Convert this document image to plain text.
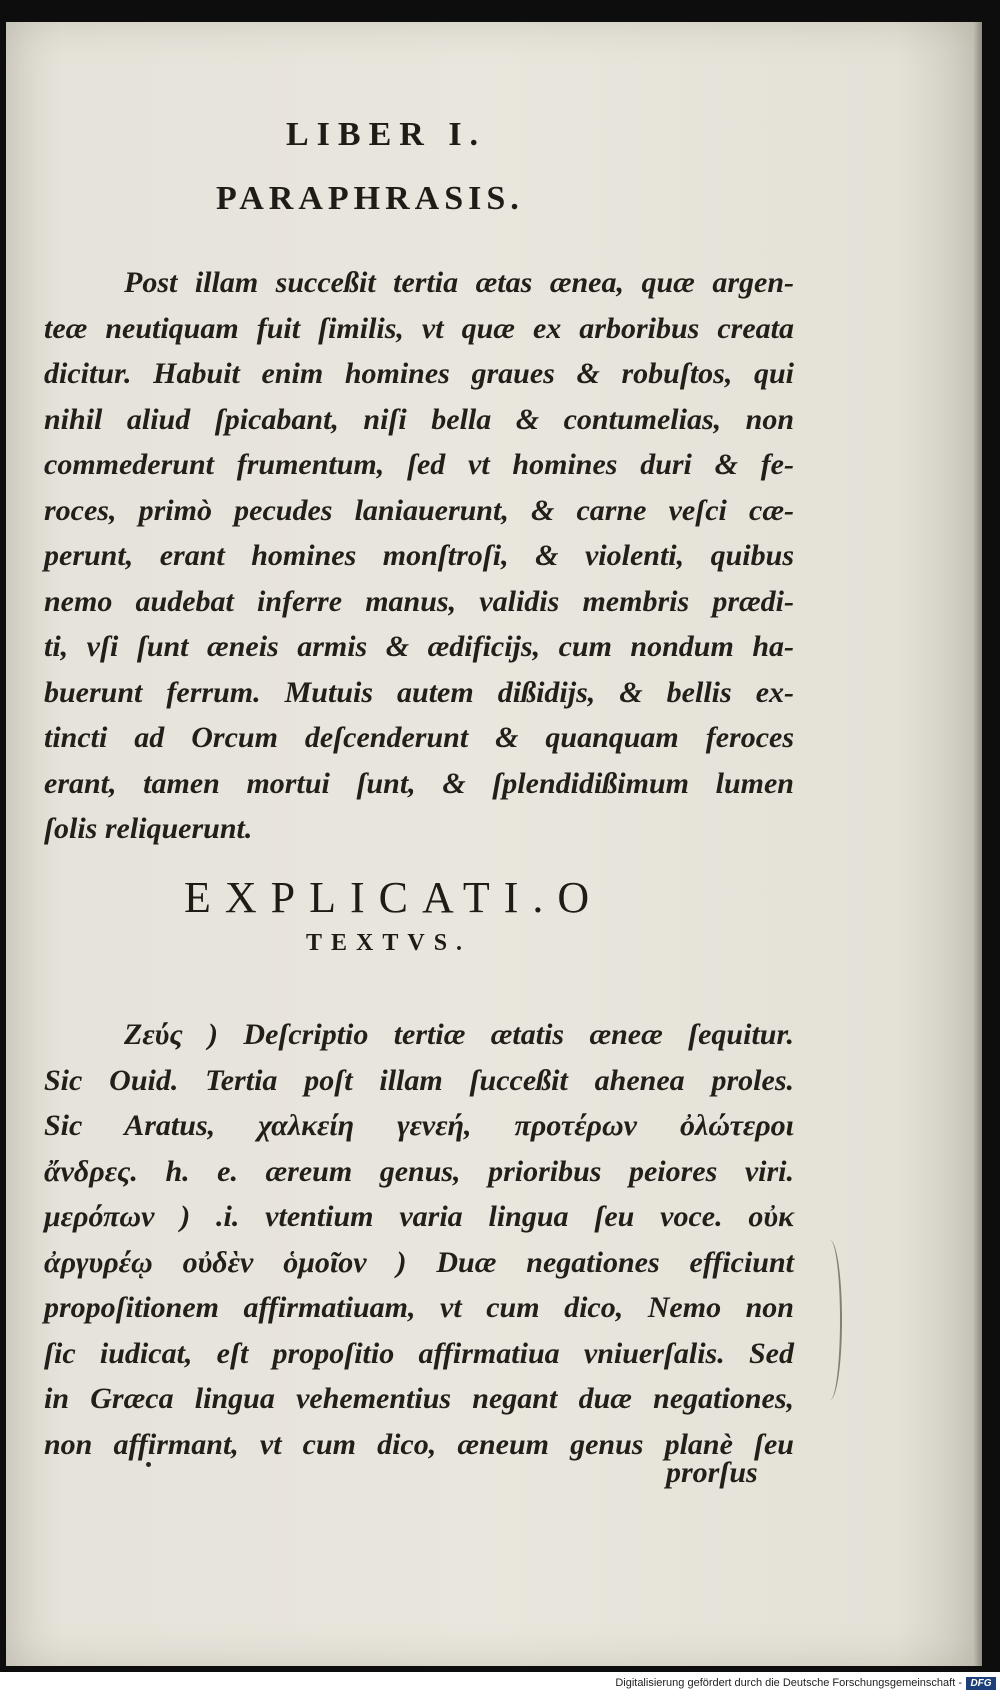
LIBER I.
PARAPHRASIS.
Post illam succeßit tertia ætas ænea, quæ argen-
teæ neutiquam fuit ſimilis, vt quæ ex arboribus creata
dicitur. Habuit enim homines graues & robuſtos, qui
nihil aliud ſpicabant, niſi bella & contumelias, non
commederunt frumentum, ſed vt homines duri & fe-
roces, primò pecudes laniauerunt, & carne veſci cæ-
perunt, erant homines monſtroſi, & violenti, quibus
nemo audebat inferre manus, validis membris prædi-
ti, vſi ſunt æneis armis & ædificijs, cum nondum ha-
buerunt ferrum. Mutuis autem dißidijs, & bellis ex-
tincti ad Orcum deſcenderunt & quanquam feroces
erant, tamen mortui ſunt, & ſplendidißimum lumen
ſolis reliquerunt.
EXPLICATI.O
TEXTVS.
Ζεύς ) Deſcriptio tertiæ ætatis æneæ ſequitur.
Sic Ouid. Tertia poſt illam ſucceßit ahenea proles.
Sic Aratus, χαλκείη γενεή, προτέρων ὀλώτεροι
ἄνδρες. h. e. æreum genus, prioribus peiores viri.
μερόπων ) .i. vtentium varia lingua ſeu voce. οὐκ
ἀργυρέῳ οὐδὲν ὁμοῖον ) Duæ negationes efficiunt
propoſitionem affirmatiuam, vt cum dico, Nemo non
ſic iudicat, eſt propoſitio affirmatiua vniuerſalis. Sed
in Græca lingua vehementius negant duæ negationes,
non affirmant, vt cum dico, æneum genus planè ſeu
prorſus
Digitalisierung gefördert durch die Deutsche Forschungsgemeinschaft - DFG
